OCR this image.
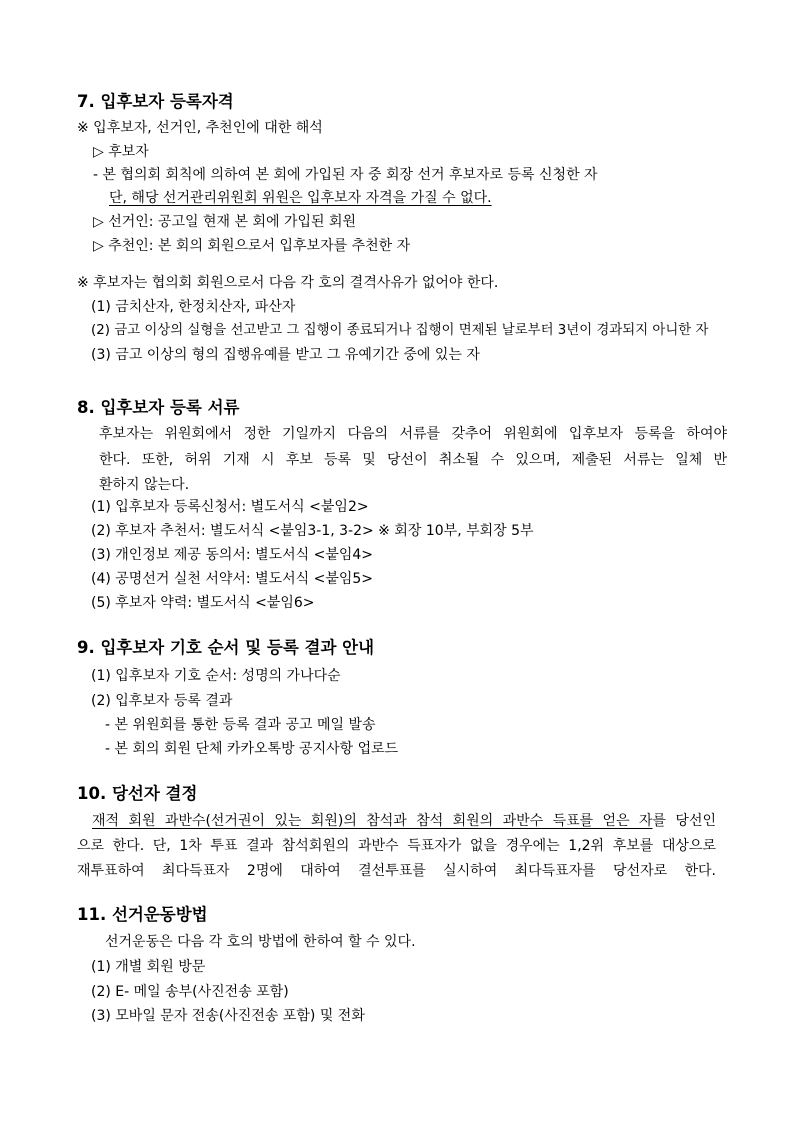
7. 입후보자 등록자격

※ 입후보자, 선거인, 추천인에 대한 해석

▷ 후보자

- 본 협의회 회칙에 의하여 본 회에 가입된 자 중 회장 선거 후보자로 등록 신청한 자

단, 해당 선거관리위원회 위원은 입후보자 자격을 가질 수 없다.

▷ 선거인: 공고일 현재 본 회에 가입된 회원

▷ 추천인: 본 회의 회원으로서 입후보자를 추천한 자

※ 후보자는 협의회 회원으로서 다음 각 호의 결격사유가 없어야 한다.

(1) 금치산자, 한정치산자, 파산자

(2) 금고 이상의 실형을 선고받고 그 집행이 종료되거나 집행이 면제된 날로부터 3년이 경과되지 아니한 자

(3) 금고 이상의 형의 집행유예를 받고 그 유예기간 중에 있는 자

8. 입후보자 등록 서류

후보자는 위원회에서 정한 기일까지 다음의 서류를 갖추어 위원회에 입후보자 등록을 하여야

한다. 또한, 허위 기재 시 후보 등록 및 당선이 취소될 수 있으며, 제출된 서류는 일체 반

환하지 않는다.

(1) 입후보자 등록신청서: 별도서식 <붙임2>

(2) 후보자 추천서: 별도서식 <붙임3-1, 3-2> ※ 회장 10부, 부회장 5부

(3) 개인정보 제공 동의서: 별도서식 <붙임4>

(4) 공명선거 실천 서약서: 별도서식 <붙임5>

(5) 후보자 약력: 별도서식 <붙임6>

9. 입후보자 기호 순서 및 등록 결과 안내

(1) 입후보자 기호 순서: 성명의 가나다순

(2) 입후보자 등록 결과

- 본 위원회를 통한 등록 결과 공고 메일 발송

- 본 회의 회원 단체 카카오톡방 공지사항 업로드

10. 당선자 결정

재적 회원 과반수(선거권이 있는 회원)의 참석과 참석 회원의 과반수 득표를 얻은 자를 당선인

으로 한다. 단, 1차 투표 결과 참석회원의 과반수 득표자가 없을 경우에는 1,2위 후보를 대상으로

재투표하여 최다득표자 2명에 대하여 결선투표를 실시하여 최다득표자를 당선자로 한다.

11. 선거운동방법

선거운동은 다음 각 호의 방법에 한하여 할 수 있다.

(1) 개별 회원 방문

(2) E- 메일 송부(사진전송 포함)

(3) 모바일 문자 전송(사진전송 포함) 및 전화
